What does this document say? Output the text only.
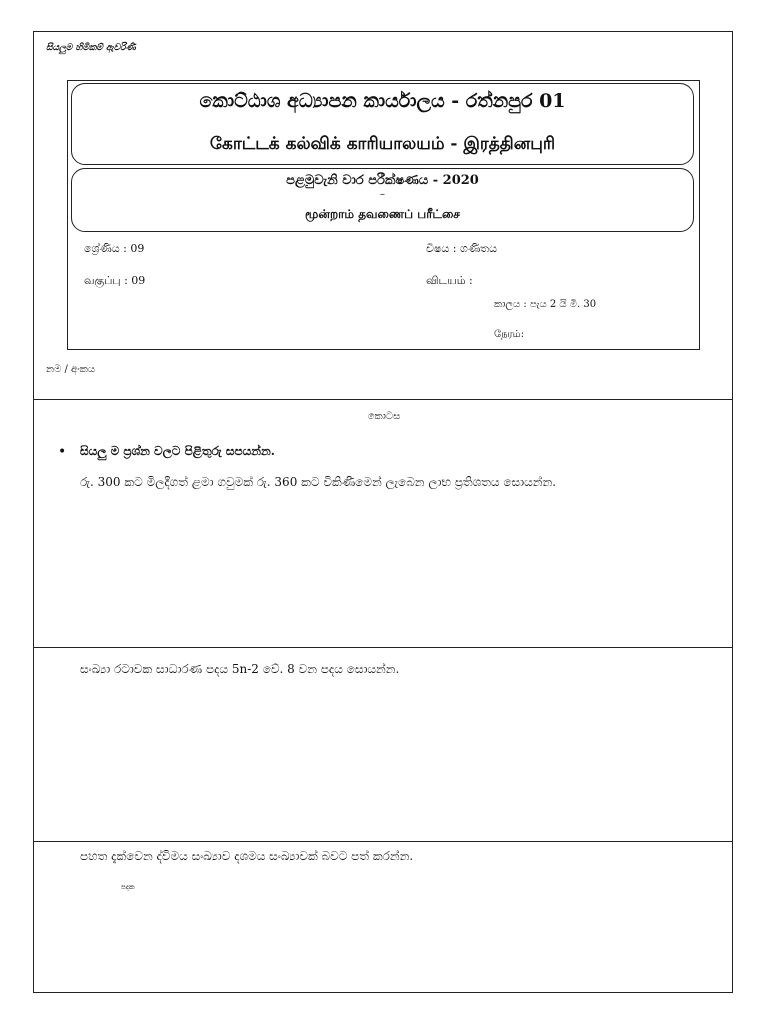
සියලුම හිමිකම් ඇවරිණි
කොට්ඨාශ අධ්‍යාපන කාර්යාලය - රත්නපුර 01
கோட்டக் கல்விக் காரியாலயம் - இரத்தினபுரி
පළමුවැනි වාර පරීක්ෂණය - 2020
–
மூன்றாம் தவணைப் பரீட்சை
ශ්‍රේණිය : 09
வகுப்பு : 09
විෂය : ගණිතය
விடயம் :
කාලය : පැය 2 යි මි. 30
நேரம்:
නම / අංකය
කොටස
• සියලු ම ප්‍රශ්න වලට පිළිතුරු සපයන්න.
රු. 300 කට මිලදීගත් ළමා ගවුමක් රු. 360 කට විකිණීමෙන් ලැබෙන ලාභ ප්‍රතිශතය සොයන්න.
සංඛ්‍යා රටාවක සාධාරණ පදය 5n-2 වේ. 8 වන පදය සොයන්න.
පහත දැක්වෙන ද්විමය සංඛ්‍යාව දශමය සංඛ්‍යාවක් බවට පත් කරන්න.
පදක
